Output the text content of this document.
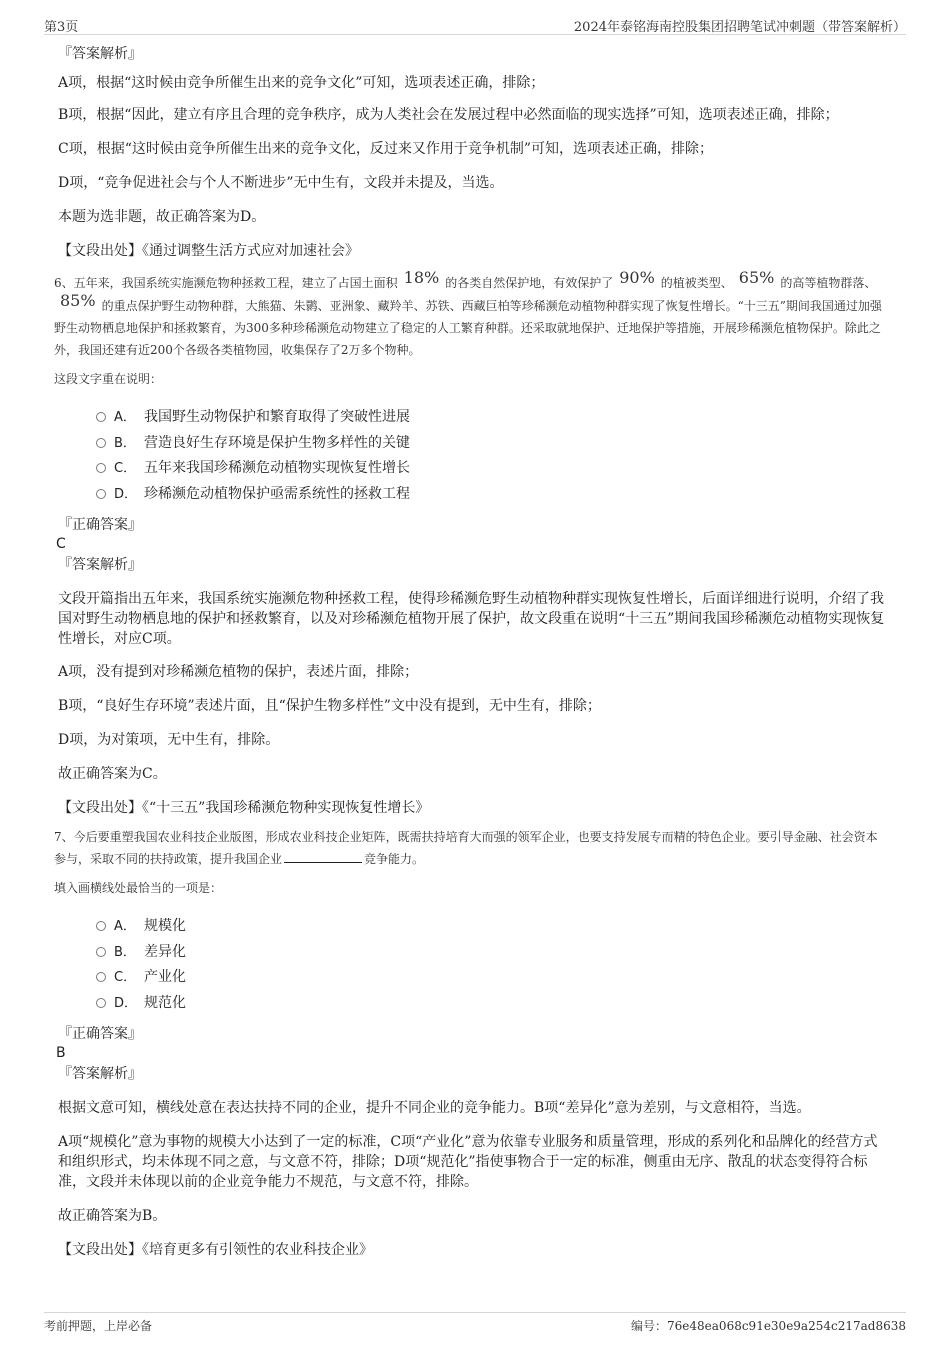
第3页	2024年泰铭海南控股集团招聘笔试冲刺题（带答案解析）
『答案解析』
A项，根据“这时候由竞争所催生出来的竞争文化”可知，选项表述正确，排除；
B项，根据“因此，建立有序且合理的竞争秩序，成为人类社会在发展过程中必然面临的现实选择”可知，选项表述正确，排除；
C项，根据“这时候由竞争所催生出来的竞争文化，反过来又作用于竞争机制”可知，选项表述正确，排除；
D项，“竞争促进社会与个人不断进步”无中生有，文段并未提及，当选。
本题为选非题，故正确答案为D。
【文段出处】《通过调整生活方式应对加速社会》
6、五年来，我国系统实施濒危物种拯救工程，建立了占国土面积 18% 的各类自然保护地，有效保护了 90% 的植被类型、 65% 的高等植物群落、85% 的重点保护野生动物种群，大熊猫、朱鹮、亚洲象、藏羚羊、苏铁、西藏巨柏等珍稀濒危动植物种群实现了恢复性增长。“十三五”期间我国通过加强野生动物栖息地保护和拯救繁育，为300多种珍稀濒危动物建立了稳定的人工繁育种群。还采取就地保护、迁地保护等措施，开展珍稀濒危植物保护。除此之外，我国还建有近200个各级各类植物园，收集保存了2万多个物种。
这段文字重在说明：
A． 我国野生动物保护和繁育取得了突破性进展
B． 营造良好生存环境是保护生物多样性的关键
C． 五年来我国珍稀濒危动植物实现恢复性增长
D． 珍稀濒危动植物保护亟需系统性的拯救工程
『正确答案』
C
『答案解析』
文段开篇指出五年来，我国系统实施濒危物种拯救工程，使得珍稀濒危野生动植物种群实现恢复性增长，后面详细进行说明，介绍了我国对野生动物栖息地的保护和拯救繁育，以及对珍稀濒危植物开展了保护，故文段重在说明“十三五”期间我国珍稀濒危动植物实现恢复性增长，对应C项。
A项，没有提到对珍稀濒危植物的保护，表述片面，排除；
B项，“良好生存环境”表述片面，且“保护生物多样性”文中没有提到，无中生有，排除；
D项，为对策项，无中生有，排除。
故正确答案为C。
【文段出处】《“十三五”我国珍稀濒危物种实现恢复性增长》
7、今后要重塑我国农业科技企业版图，形成农业科技企业矩阵，既需扶持培育大而强的领军企业，也要支持发展专而精的特色企业。要引导金融、社会资本参与，采取不同的扶持政策，提升我国企业	竞争能力。
填入画横线处最恰当的一项是：
A． 规模化
B． 差异化
C． 产业化
D． 规范化
『正确答案』
B
『答案解析』
根据文意可知，横线处意在表达扶持不同的企业，提升不同企业的竞争能力。B项“差异化”意为差别，与文意相符，当选。
A项“规模化”意为事物的规模大小达到了一定的标准，C项“产业化”意为依靠专业服务和质量管理，形成的系列化和品牌化的经营方式和组织形式，均未体现不同之意，与文意不符，排除；D项“规范化”指使事物合于一定的标准，侧重由无序、散乱的状态变得符合标准，文段并未体现以前的企业竞争能力不规范，与文意不符，排除。
故正确答案为B。
【文段出处】《培育更多有引领性的农业科技企业》
考前押题，上岸必备	编号：76e48ea068c91e30e9a254c217ad8638
